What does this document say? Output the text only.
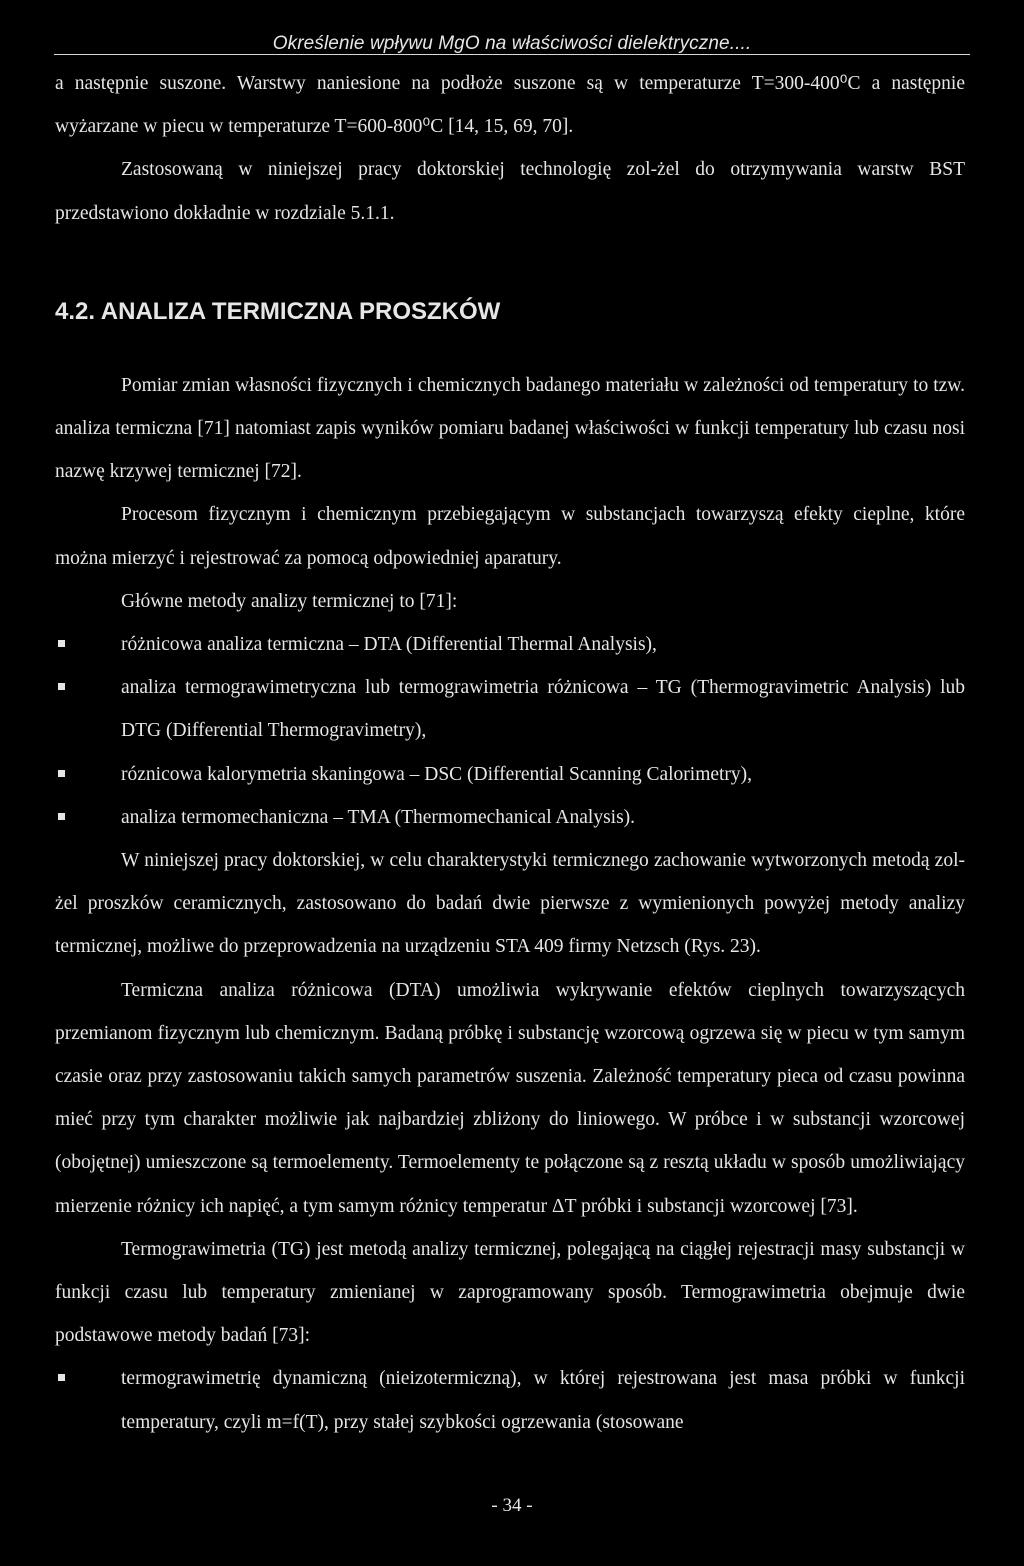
Określenie wpływu MgO na właściwości dielektryczne....

a następnie suszone. Warstwy naniesione na podłoże suszone są w temperaturze T=300-400⁰C a następnie wyżarzane w piecu w temperaturze T=600-800⁰C [14, 15, 69, 70].

Zastosowaną w niniejszej pracy doktorskiej technologię zol-żel do otrzymywania warstw BST przedstawiono dokładnie w rozdziale 5.1.1.

4.2. ANALIZA TERMICZNA PROSZKÓW

Pomiar zmian własności fizycznych i chemicznych badanego materiału w zależności od temperatury to tzw. analiza termiczna [71] natomiast zapis wyników pomiaru badanej właściwości w funkcji temperatury lub czasu nosi nazwę krzywej termicznej [72].

Procesom fizycznym i chemicznym przebiegającym w substancjach towarzyszą efekty cieplne, które można mierzyć i rejestrować za pomocą odpowiedniej aparatury.

Główne metody analizy termicznej to [71]:

różnicowa analiza termiczna – DTA (Differential Thermal Analysis),
analiza termograwimetryczna lub termograwimetria różnicowa – TG (Thermogravimetric Analysis) lub DTG (Differential Thermogravimetry),
róznicowa kalorymetria skaningowa – DSC (Differential Scanning Calorimetry),
analiza termomechaniczna – TMA (Thermomechanical Analysis).

W niniejszej pracy doktorskiej, w celu charakterystyki termicznego zachowanie wytworzonych metodą zol-żel proszków ceramicznych, zastosowano do badań dwie pierwsze z wymienionych powyżej metody analizy termicznej, możliwe do przeprowadzenia na urządzeniu STA 409 firmy Netzsch (Rys. 23).

Termiczna analiza różnicowa (DTA) umożliwia wykrywanie efektów cieplnych towarzyszących przemianom fizycznym lub chemicznym. Badaną próbkę i substancję wzorcową ogrzewa się w piecu w tym samym czasie oraz przy zastosowaniu takich samych parametrów suszenia. Zależność temperatury pieca od czasu powinna mieć przy tym charakter możliwie jak najbardziej zbliżony do liniowego. W próbce i w substancji wzorcowej (obojętnej) umieszczone są termoelementy. Termoelementy te połączone są z resztą układu w sposób umożliwiający mierzenie różnicy ich napięć, a tym samym różnicy temperatur ΔT próbki i substancji wzorcowej [73].

Termograwimetria (TG) jest metodą analizy termicznej, polegającą na ciągłej rejestracji masy substancji w funkcji czasu lub temperatury zmienianej w zaprogramowany sposób. Termograwimetria obejmuje dwie podstawowe metody badań [73]:

termograwimetrię dynamiczną (nieizotermiczną), w której rejestrowana jest masa próbki w funkcji temperatury, czyli m=f(T), przy stałej szybkości ogrzewania (stosowane
- 34 -
